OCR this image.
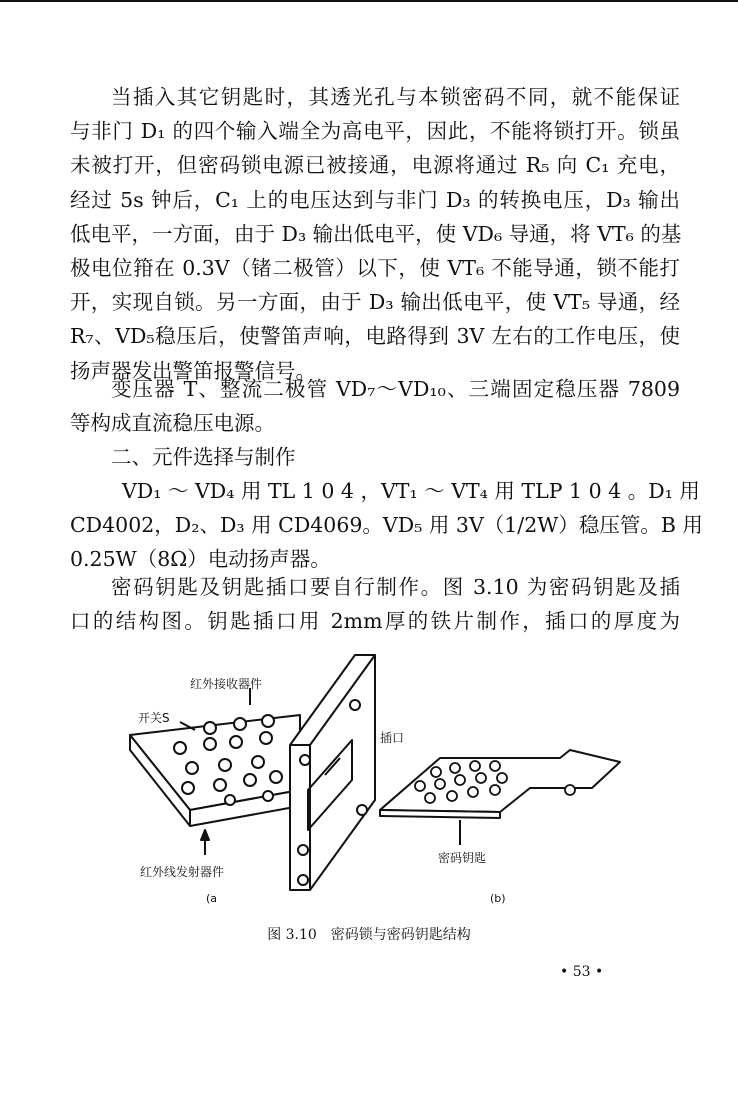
当插入其它钥匙时，其透光孔与本锁密码不同，就不能保证
与非门 D₁ 的四个输入端全为高电平，因此，不能将锁打开。锁虽
未被打开，但密码锁电源已被接通，电源将通过 R₅ 向 C₁ 充电，
经过 5s 钟后，C₁ 上的电压达到与非门 D₃ 的转换电压，D₃ 输出
低电平，一方面，由于 D₃ 输出低电平，使 VD₆ 导通，将 VT₆ 的基
极电位箝在 0.3V（锗二极管）以下，使 VT₆ 不能导通，锁不能打
开，实现自锁。另一方面，由于 D₃ 输出低电平，使 VT₅ 导通，经
R₇、VD₅稳压后，使警笛声响，电路得到 3V 左右的工作电压，使
扬声器发出警笛报警信号。
变压器 T、整流二极管 VD₇～VD₁₀、三端固定稳压器 7809
等构成直流稳压电源。
二、元件选择与制作
VD₁ ～ VD₄ 用 TL 1 0 4 ，VT₁ ～ VT₄ 用 TLP 1 0 4 。D₁ 用
CD4002，D₂、D₃ 用 CD4069。VD₅ 用 3V（1/2W）稳压管。B 用
0.25W（8Ω）电动扬声器。
密码钥匙及钥匙插口要自行制作。图 3.10 为密码钥匙及插
口的结构图。钥匙插口用 2mm厚的铁片制作，插口的厚度为
红外接收器件
开关S
插口
红外线发射器件
密码钥匙
(a	(b)
图 3.10　密码锁与密码钥匙结构
• 53 •
